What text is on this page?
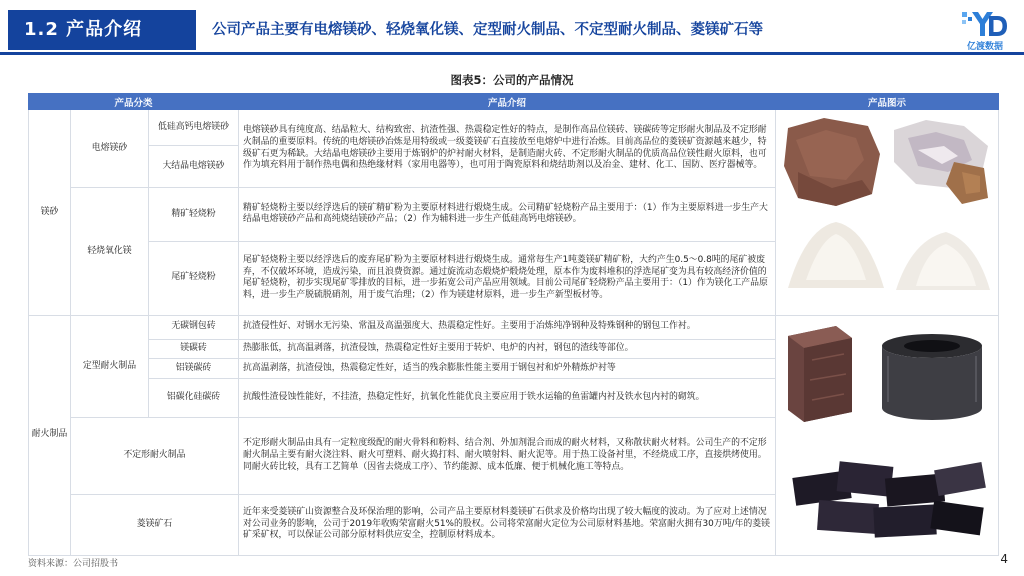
1.2 产品介绍	公司产品主要有电熔镁砂、轻烧氧化镁、定型耐火制品、不定型耐火制品、菱镁矿石等
亿渡数据
图表5：公司的产品情况
产品分类			产品介绍	产品图示
镁砂	电熔镁砂	低硅高钙电熔镁砂	电熔镁砂具有纯度高、结晶粒大、结构致密、抗渣性强、热震稳定性好的特点，是制作高品位镁砖、镁碳砖等定形耐火制品及不定形耐火制品的重要原料。传统的电熔镁砂冶炼是用特级或一级菱镁矿石直接放至电熔炉中进行冶炼。目前高品位的菱镁矿资源越来越少，特级矿石更为稀缺。大结晶电熔镁砂主要用于炼钢炉的炉衬耐火材料，是制造耐火砖、不定形耐火制品的优质高品位镁性耐火原料，也可作为填充料用于制作热电偶和热绝缘材料（家用电器等），也可用于陶瓷原料和烧结助剂以及冶金、建材、化工、国防、医疗器械等。	
		大结晶电熔镁砂		
	轻烧氧化镁	精矿轻烧粉	精矿轻烧粉主要以经浮选后的镁矿精矿粉为主要原材料进行煅烧生成。公司精矿轻烧粉产品主要用于：（1）作为主要原料进一步生产大结晶电熔镁砂产品和高纯烧结镁砂产品；（2）作为辅料进一步生产低硅高钙电熔镁砂。	
		尾矿轻烧粉	尾矿轻烧粉主要以经浮选后的废弃尾矿粉为主要原材料进行煅烧生成。通常每生产1吨菱镁矿精矿粉，大约产生0.5～0.8吨的尾矿被废弃，不仅破坏环境，造成污染，而且浪费资源。通过旋流动态煅烧炉煅烧处理，原本作为废料堆积的浮选尾矿变为具有较高经济价值的尾矿轻烧粉，初步实现尾矿零排放的目标，进一步拓宽公司产品应用领域。目前公司尾矿轻烧粉产品主要用于：（1）作为镁化工产品原料，进一步生产脱硫脱硝剂，用于废气治理；（2）作为镁建材原料，进一步生产新型板材等。	
耐火制品	定型耐火制品	无碳钢包砖	抗渣侵性好、对钢水无污染、常温及高温强度大、热震稳定性好。主要用于冶炼纯净钢种及特殊钢种的钢包工作衬。	
		镁碳砖	热膨胀低，抗高温剥落，抗渣侵蚀，热震稳定性好主要用于转炉、电炉的内衬，钢包的渣线等部位。	
		铝镁碳砖	抗高温剥落，抗渣侵蚀，热震稳定性好，适当的残余膨胀性能主要用于钢包衬和炉外精炼炉衬等	
		铝碳化硅碳砖	抗酸性渣侵蚀性能好，不挂渣，热稳定性好，抗氧化性能优良主要应用于铁水运输的鱼雷罐内衬及铁水包内衬的砌筑。	
	不定形耐火制品		不定形耐火制品由具有一定粒度级配的耐火骨料和粉料、结合剂、外加剂混合而成的耐火材料，又称散状耐火材料。公司生产的不定形耐火制品主要有耐火浇注料、耐火可塑料、耐火捣打料、耐火喷射料、耐火泥等。用于热工设备衬里，不经烧成工序，直接烘烤使用。同耐火砖比较，具有工艺简单（因省去烧成工序）、节约能源、成本低廉、便于机械化施工等特点。	
	菱镁矿石		近年来受菱镁矿山资源整合及环保治理的影响，公司产品主要原材料菱镁矿石供求及价格均出现了较大幅度的波动。为了应对上述情况对公司业务的影响，公司于2019年收购荣富耐火51%的股权。公司将荣富耐火定位为公司原材料基地。荣富耐火拥有30万吨/年的菱镁矿采矿权，可以保证公司部分原材料供应安全，控制原材料成本。	
资料来源：公司招股书	4
